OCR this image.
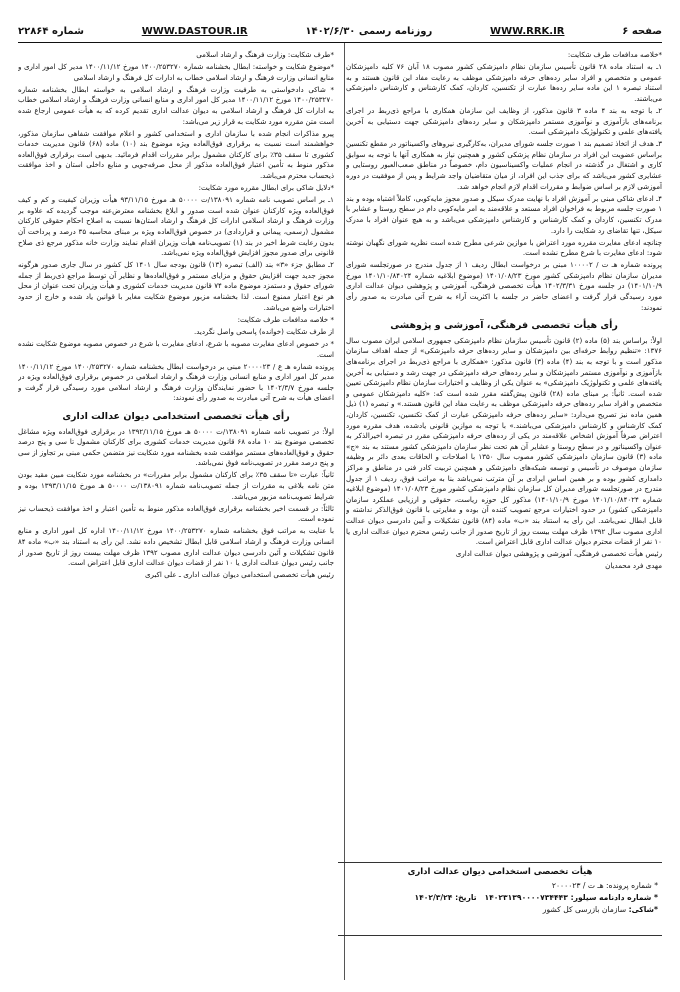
شماره ۲۲۸۶۴	WWW.DASTOUR.IR	روزنامه رسمی ۱۴۰۲/۶/۳۰	WWW.RRK.IR	صفحه ۶

*خلاصه مدافعات طرف شکایت:

۱ـ به استناد ماده ۲۸ قانون تأسیس سازمان نظام دامپزشکی کشور مصوب ۱۸ آبان ۷۶ کلیه دامپزشکان عمومی و متخصص و افراد سایر رده‌های حرفه دامپزشکی موظف به رعایت مفاد این قانون هستند و به استناد تبصره ۱ این ماده سایر رده‌ها عبارت از تکنسین، کاردان، کمک کارشناس و کارشناس دامپزشکی می‌باشند.

۲ـ با توجه به بند ۴ ماده ۳ قانون مذکور، از وظایف این سازمان همکاری با مراجع ذی‌ربط در اجرای برنامه‌های بازآموزی و نوآموزی مستمر دامپزشکان و سایر رده‌های دامپزشکی جهت دستیابی به آخرین یافته‌های علمی و تکنولوژیک دامپزشکی است.

۳ـ هدف از اتخاذ تصمیم بند ۱ صورت جلسه شورای مدیران، به‌کارگیری نیروهای واکسیناتور در مقطع تکنسین براساس عضویت این افراد در سازمان نظام پزشکی کشور و همچنین نیاز به همکاری آنها با توجه به سوابق کاری و اشتغال در گذشته در انجام عملیات واکسیناسیون دام، خصوصاً در مناطق صعب‌العبور روستایی و عشایری کشور می‌باشد که برای جذب این افراد، از میان متقاضیان واجد شرایط و پس از موفقیت در دوره آموزشی لازم بر اساس ضوابط و مقررات اقدام لازم انجام خواهد شد.

۴ـ ادعای شاکی مبنی بر آموزش افراد با نهایت مدرک سیکل و صدور مجوز مایه‌کوبی، کاملاً اشتباه بوده و بند ۱ صورت جلسه مربوط به فراخوان افراد مستعد و علاقه‌مند به امر مایه‌کوبی دام در سطح روستا و عشایر با مدرک تکنسین، کاردان و کمک کارشناس و کارشناس دامپزشکی می‌باشد و به هیچ عنوان افراد با مدرک سیکل، تنها تقاضای رد شکایت را دارد.

چنانچه ادعای مغایرت مقرره مورد اعتراض با موازین شرعی مطرح شده است نظریه شورای نگهبان نوشته شود: ادعای مغایرت با شرع مطرح نشده است.

پرونده شماره هـ ت / ۱۰۰۰۰۲ مبنی بر درخواست ابطال ردیف ۱ از جدول مندرج در صورتجلسه شورای مدیران سازمان نظام دامپزشکی کشور مورخ ۱۴۰۱/۰۸/۲۳ (موضوع ابلاغیه شماره ۱۴۰۱/۱۰/۸۴۰۲۴ مورخ ۱۴۰۱/۱۰/۹) در جلسه مورخ ۱۴۰۲/۳/۳۱ هیأت تخصصی فرهنگی، آموزشی و پژوهشی دیوان عدالت اداری مورد رسیدگی قرار گرفت و اعضای حاضر در جلسه با اکثریت آراء به شرح آتی مبادرت به صدور رأی نمودند:

رأی هیأت تخصصی فرهنگی، آموزشی و پژوهشی

اولاً: براساس بند (۵) ماده (۲) قانون تأسیس سازمان نظام دامپزشکی جمهوری اسلامی ایران مصوب سال ۱۳۷۶: «تنظیم روابط حرفه‌ای بین دامپزشکان و سایر رده‌های حرفه دامپزشکی» از جمله اهداف سازمان مذکور است و با توجه به بند (۴) ماده (۳) قانون مذکور: «همکاری با مراجع ذی‌ربط در اجرای برنامه‌های بازآموزی و نوآموزی مستمر دامپزشکان و سایر رده‌های حرفه دامپزشکی در جهت رشد و دستیابی به آخرین یافته‌های علمی و تکنولوژیک دامپزشکی» به عنوان یکی از وظایف و اختیارات سازمان نظام دامپزشکی تعیین شده است. ثانیاً: بر مبنای ماده (۲۸) قانون پیش‌گفته مقرر شده است که: «کلیه دامپزشکان عمومی و متخصص و افراد سایر رده‌های حرفه دامپزشکی موظف به رعایت مفاد این قانون هستند.» و تبصره (۱) ذیل همین ماده نیز تصریح می‌دارد: «سایر رده‌های حرفه دامپزشکی عبارت از کمک تکنسین، تکنسین، کاردان، کمک کارشناس و کارشناس دامپزشکی می‌باشند.» با توجه به موازین قانونی یادشده، هدف مقرره مورد اعتراض صرفاً آموزش اشخاص علاقه‌مند در یکی از رده‌های حرفه دامپزشکی مقرر در تبصره اخیرالذکر به عنوان واکسیناتور و در سطح روستا و عشایر آن هم تحت نظر سازمان دامپزشکی کشور مستند به بند «ج» ماده (۳) قانون سازمان دامپزشکی کشور مصوب سال ۱۳۵۰ با اصلاحات و الحاقات بعدی دائر بر وظیفه سازمان موصوف در تأسیس و توسعه شبکه‌های دامپزشکی و همچنین تربیت کادر فنی در مناطق و مراکز دامداری کشور بوده و بر همین اساس ایرادی بر آن مترتب نمی‌باشد بنا به مراتب فوق، ردیف ۱ از جدول مندرج در صورتجلسه شورای مدیران کل سازمان نظام دامپزشکی کشور مورخ ۱۴۰۱/۰۸/۲۳ (موضوع ابلاغیه شماره ۱۴۰۱/۱۰/۸۴۰۲۴ مورخ ۱۴۰۱/۱۰/۹) مذکور کل حوزه ریاست، حقوقی و ارزیابی عملکرد سازمان دامپزشکی کشور) در حدود اختیارات مرجع تصویب کننده آن بوده و مغایرتی با قانون فوق‌الذکر نداشته و قابل ابطال نمی‌باشد. این رأی به استناد بند «ب» ماده (۸۴) قانون تشکیلات و آیین دادرسی دیوان عدالت اداری مصوب سال ۱۳۹۲ ظرف مهلت بیست روز از تاریخ صدور از جانب رئیس محترم دیوان عدالت اداری یا ۱۰ نفر از قضات محترم دیوان عدالت اداری قابل اعتراض است.

رئیس هیأت تخصصی فرهنگی، آموزشی و پژوهشی دیوان عدالت اداری

مهدی فرد محمدیان

هیأت تخصصی استخدامی دیوان عدالت اداری
* شماره پرونده: هـ ت / ۲۰۰۰۰۲۳
* شماره دادنامه سیلور: ۱۴۰۲۳۱۳۹۰۰۰۰۷۳۴۴۴۳   تاریخ: ۱۴۰۲/۳/۲۴
*شاکی: سازمان بازرسی کل کشور

*طرف شکایت: وزارت فرهنگ و ارشاد اسلامی

*موضوع شکایت و خواسته: ابطال بخشنامه شماره ۱۴۰۰/۲۵۳۲۷۰ مورخ ۱۴۰۰/۱۱/۱۲ مدیر کل امور اداری و منابع انسانی وزارت فرهنگ و ارشاد اسلامی خطاب به ادارات کل فرهنگ و ارشاد اسلامی

* شاکی دادخواستی به طرفیت وزارت فرهنگ و ارشاد اسلامی به خواسته ابطال بخشنامه شماره ۱۴۰۰/۲۵۳۲۷۰ مورخ ۱۴۰۰/۱۱/۱۲ مدیر کل امور اداری و منابع انسانی وزارت فرهنگ و ارشاد اسلامی خطاب به ادارات کل فرهنگ و ارشاد اسلامی به دیوان عدالت اداری تقدیم کرده که به هیأت عمومی ارجاع شده است متن مقرره مورد شکایت به قرار زیر می‌باشد:

پیرو مذاکرات انجام شده با سازمان اداری و استخدامی کشور و اعلام موافقت شفاهی سازمان مذکور، خواهشمند است نسبت به برقراری فوق‌العاده ویژه موضوع بند (۱۰) ماده (۶۸) قانون مدیریت خدمات کشوری تا سقف ۳۵٪ برای کارکنان مشمول برابر مقررات اقدام فرمائید. بدیهی است برقراری فوق‌العاده مذکور منوط به تأمین اعتبار فوق‌العاده مذکور از محل صرفه‌جویی و منابع داخلی استان و اخذ موافقت ذیحساب محترم می‌باشد.

*دلایل شاکی برای ابطال مقرره مورد شکایت:

۱ـ بر اساس تصویب نامه شماره ۱۳۸۰۹۱/ت ۵۰۰۰۰ هـ مورخ ۹۳/۱۱/۱۵ هیأت وزیران کیفیت و کم و کیف فوق‌العاده ویژه کارکنان عنوان شده است صدور و ابلاغ بخشنامه معترض‌عنه موجب گردیده که علاوه بر وزارت فرهنگ و ارشاد اسلامی ادارات کل فرهنگ و ارشاد استان‌ها نسبت به اصلاح احکام حقوقی کارکنان مشمول (رسمی، پیمانی و قراردادی) در خصوص فوق‌العاده ویژه بر مبنای محاسبه ۳۵ درصد و پرداخت آن بدون رعایت شرط اخیر در بند (۱) تصویب‌نامه هیأت وزیران اقدام نمایند وزارت خانه مذکور مرجع ذی صلاح قانونی برای صدور مجوز افزایش فوق‌العاده ویژه نمی‌باشد.

۲ـ مطابق جزء «۳» بند (الف) تبصره (۱۳) قانون بودجه سال ۱۴۰۱ کل کشور در سال جاری صدور هرگونه مجوز جدید جهت افزایش حقوق و مزایای مستمر و فوق‌العاده‌ها و نظایر آن توسط مراجع ذی‌ربط از جمله شورای حقوق و دستمزد موضوع ماده ۷۴ قانون مدیریت خدمات کشوری و هیأت وزیران تحت عنوان از محل هر نوع اعتبار ممنوع است. لذا بخشنامه مزبور موضوع شکایت مغایر با قوانین یاد شده و خارج از حدود اختیارات واضع می‌باشد.

* خلاصه مدافعات طرف شکایت:

از طرف شکایت (خوانده) پاسخی واصل نگردید.

* در خصوص ادعای مغایرت مصوبه با شرع، ادعای مغایرت با شرع در خصوص مصوبه موضوع شکایت نشده است.

پرونده شماره هـ ع / ۲۰۰۰۰۲۳ مبنی بر درخواست ابطال بخشنامه شماره ۱۴۰۰/۲۵۳۲۷۰ مورخ ۱۴۰۰/۱۱/۱۲ مدیر کل امور اداری و منابع انسانی وزارت فرهنگ و ارشاد اسلامی در خصوص برقراری فوق‌العاده ویژه در جلسه مورخ ۱۴۰۲/۳/۷ با حضور نمایندگان وزارت فرهنگ و ارشاد اسلامی مورد رسیدگی قرار گرفت و اعضای هیأت به شرح آتی مبادرت به صدور رأی نمودند:

رأی هیأت تخصصی استخدامی دیوان عدالت اداری

اولاً: در تصویب نامه شماره ۱۳۸۰۹۱/ت ۵۰۰۰۰ هـ مورخ ۱۳۹۲/۱۱/۱۵ در برقراری فوق‌العاده ویژه مشاغل تخصصی موضوع بند ۱۰ ماده ۶۸ قانون مدیریت خدمات کشوری برای کارکنان مشمول تا سی و پنج درصد حقوق و فوق‌العاده‌های مستمر موافقت شده بخشنامه مورد شکایت نیز متضمن حکمی مبنی بر تجاوز از سی و پنج درصد مقرر در تصویب‌نامه فوق نمی‌باشد.

ثانیاً: عبارت «تا سقف ۳۵٪ برای کارکنان مشمول برابر مقررات» در بخشنامه مورد شکایت مبین مقید بودن متن نامه بلاغی به مقررات از جمله تصویب‌نامه شماره ۱۳۸۰۹۱/ت ۵۰۰۰۰ هـ مورخ ۱۳۹۳/۱۱/۱۵ بوده و شرایط تصویب‌نامه مزبور می‌باشد.

ثالثاً: در قسمت اخیر بخشنامه برقراری فوق‌العاده مذکور منوط به تأمین اعتبار و اخذ موافقت ذیحساب نیز نموده است.

با عنایت به مراتب فوق بخشنامه شماره ۱۴۰۰/۲۵۳۲۷۰ مورخ ۱۴۰۰/۱۱/۱۲ اداره کل امور اداری و منابع انسانی وزارت فرهنگ و ارشاد اسلامی قابل ابطال تشخیص داده نشد. این رأی به استناد بند «ب» ماده ۸۴ قانون تشکیلات و آئین دادرسی دیوان عدالت اداری مصوب ۱۳۹۲ ظرف مهلت بیست روز از تاریخ صدور از جانب رئیس دیوان عدالت اداری یا ۱۰ نفر از قضات دیوان عدالت اداری قابل اعتراض است.

رئیس هیأت تخصصی استخدامی دیوان عدالت اداری ـ علی اکبری
